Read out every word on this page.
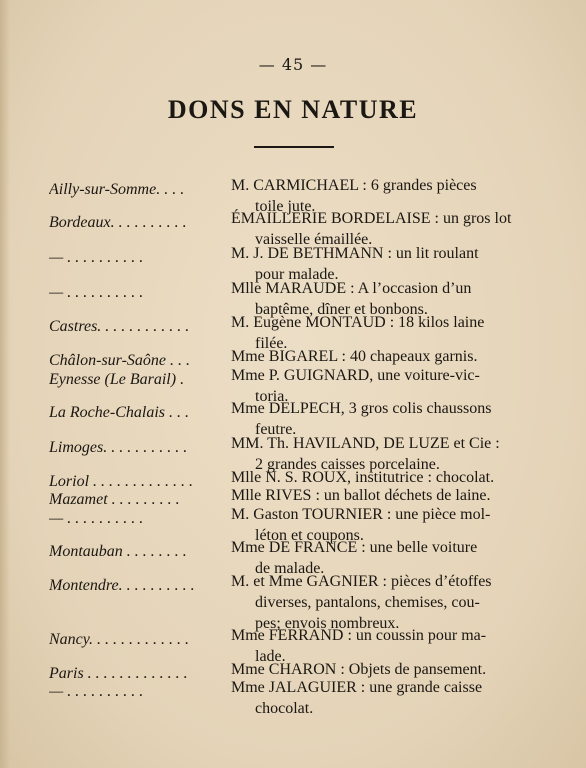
— 45 —
DONS EN NATURE
Ailly-sur-Somme. . . .	M. CARMICHAEL : 6 grandes pièces
toile jute.
Bordeaux. . . . . . . . . .	ÉMAILLERIE BORDELAISE : un gros lot
vaisselle émaillée.
— . . . . . . . . . .	M. J. DE BETHMANN : un lit roulant
pour malade.
— . . . . . . . . . .	Mlle MARAUDE : A l’occasion d’un
baptême, dîner et bonbons.
Castres. . . . . . . . . . . .	M. Eugène MONTAUD : 18 kilos laine
filée.
Châlon-sur-Saône . . .	Mme BIGAREL : 40 chapeaux garnis.
Eynesse (Le Barail) .	Mme P. GUIGNARD, une voiture-vic-
toria.
La Roche-Chalais . . .	Mme DELPECH, 3 gros colis chaussons
feutre.
Limoges. . . . . . . . . . .	MM. Th. HAVILAND, DE LUZE et Cie :
2 grandes caisses porcelaine.
Loriol . . . . . . . . . . . . .	Mlle N. S. ROUX, institutrice : chocolat.
Mazamet . . . . . . . . .	Mlle RIVES : un ballot déchets de laine.
— . . . . . . . . . .	M. Gaston TOURNIER : une pièce mol-
léton et coupons.
Montauban . . . . . . . .	Mme DE FRANCE : une belle voiture
de malade.
Montendre. . . . . . . . . .	M. et Mme GAGNIER : pièces d’étoffes
diverses, pantalons, chemises, cou-
pes; envois nombreux.
Nancy. . . . . . . . . . . . .	Mme FERRAND : un coussin pour ma-
lade.
Paris . . . . . . . . . . . . .	Mme CHARON : Objets de pansement.
— . . . . . . . . . .	Mme JALAGUIER : une grande caisse
chocolat.
